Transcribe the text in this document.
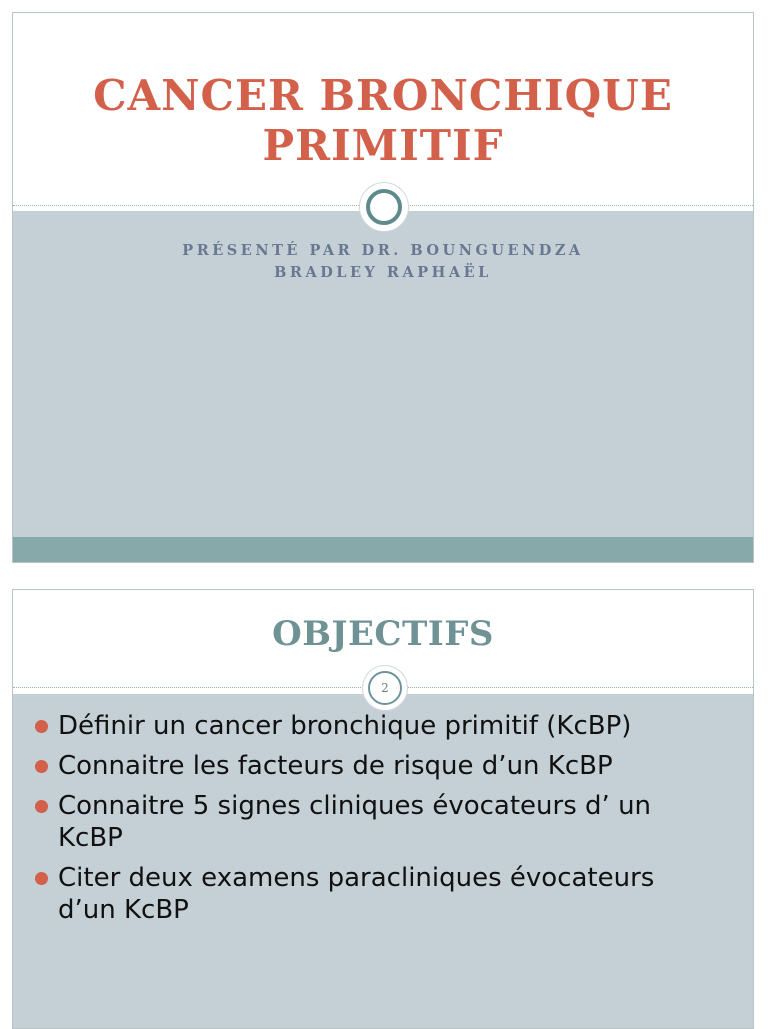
CANCER BRONCHIQUE
PRIMITIF

PRÉSENTÉ PAR DR. BOUNGUENDZA

BRADLEY RAPHAËL

OBJECTIFS
2
Définir un cancer bronchique primitif (KcBP)
Connaitre les facteurs de risque d’un KcBP
Connaitre 5 signes cliniques évocateurs d’ un
KcBP
Citer deux examens paracliniques évocateurs
d’un KcBP
